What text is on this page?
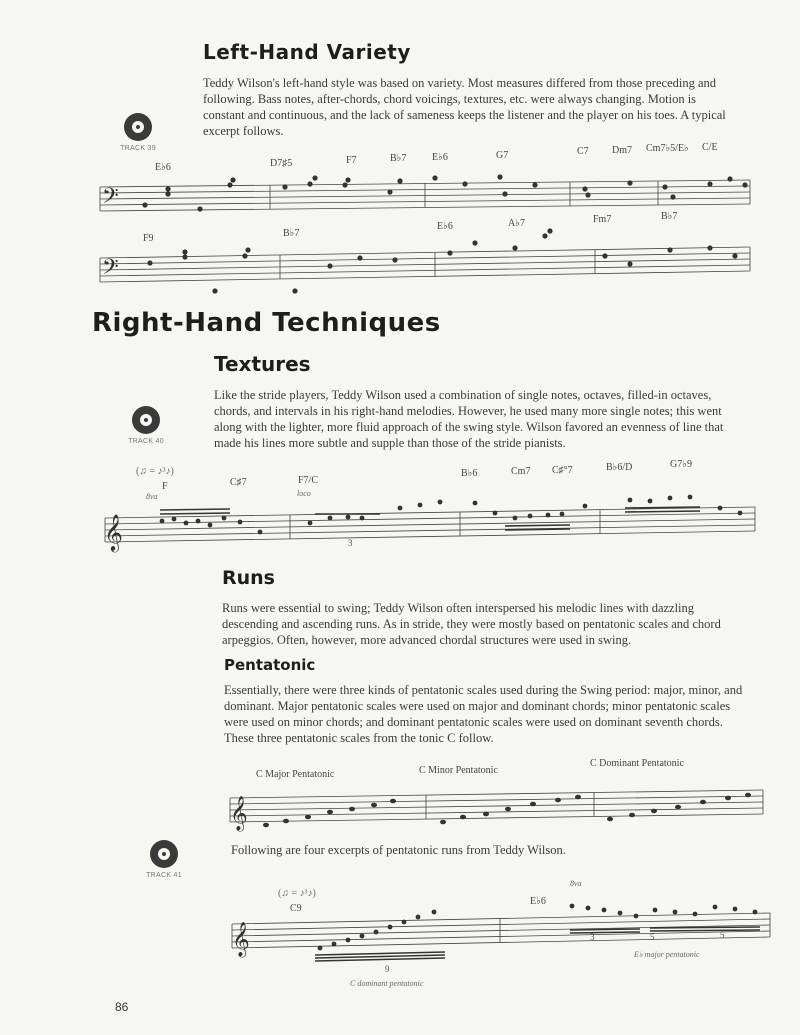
Left-Hand Variety
Teddy Wilson's left-hand style was based on variety. Most measures differed from those preceding and following. Bass notes, after-chords, chord voicings, textures, etc. were always changing. Motion is constant and continuous, and the lack of sameness keeps the listener and the player on his toes. A typical excerpt follows.
TRACK 39
E♭6	D7♯5	F7	B♭7	E♭6	G7	C7 Dm7 Cm7♭5/E♭ C/E
𝄢
F9	B♭7
E♭6	A♭7	Fm7	B♭7
𝄢
Right-Hand Techniques
Textures
Like the stride players, Teddy Wilson used a combination of single notes, octaves, filled-in octaves, chords, and intervals in his right-hand melodies. However, he used many more single notes; this went along with the lighter, more fluid approach of the swing style. Wilson favored an evenness of line that made his lines more subtle and supple than those of the stride pianists.
TRACK 40
(♫ = ♪³♪)
F	C♯7	F7/C
B♭6	Cm7 C♯°7	B♭6/D	G7♭9
8va	loco
𝄞	3
Runs
Runs were essential to swing; Teddy Wilson often interspersed his melodic lines with dazzling descending and ascending runs. As in stride, they were mostly based on pentatonic scales and chord arpeggios. Often, however, more advanced chordal structures were used in swing.
Pentatonic
Essentially, there were three kinds of pentatonic scales used during the Swing period: major, minor, and dominant. Major pentatonic scales were used on major and dominant chords; minor pentatonic scales were used on minor chords; and dominant pentatonic scales were used on dominant seventh chords. These three pentatonic scales from the tonic C follow.
C Major Pentatonic	C Minor Pentatonic
C Dominant Pentatonic
𝄞
TRACK 41
Following are four excerpts of pentatonic runs from Teddy Wilson.
(♫ = ♪³♪)
C9
E♭6
8va
𝄞
9
3	5	5
C dominant pentatonic
E♭ major pentatonic
86
